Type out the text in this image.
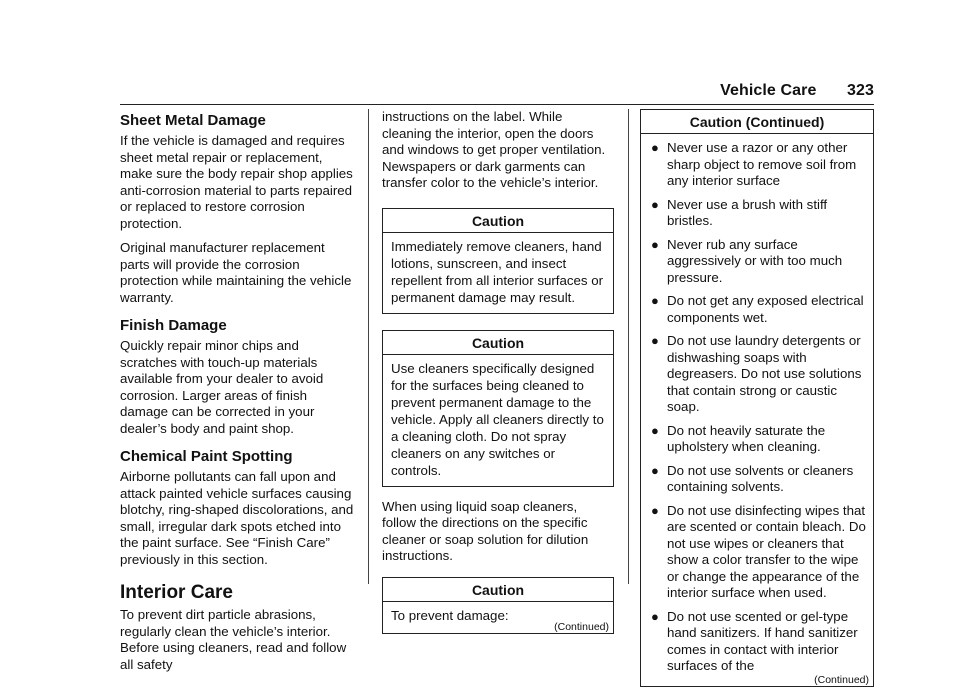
Vehicle Care 323
Sheet Metal Damage

If the vehicle is damaged and requires sheet metal repair or replacement, make sure the body repair shop applies anti-corrosion material to parts repaired or replaced to restore corrosion protection.

Original manufacturer replacement parts will provide the corrosion protection while maintaining the vehicle warranty.

Finish Damage

Quickly repair minor chips and scratches with touch-up materials available from your dealer to avoid corrosion. Larger areas of finish damage can be corrected in your dealer’s body and paint shop.

Chemical Paint Spotting

Airborne pollutants can fall upon and attack painted vehicle surfaces causing blotchy, ring-shaped discolorations, and small, irregular dark spots etched into the paint surface. See “Finish Care” previously in this section.

Interior Care

To prevent dirt particle abrasions, regularly clean the vehicle’s interior. Before using cleaners, read and follow all safety

instructions on the label. While cleaning the interior, open the doors and windows to get proper ventilation. Newspapers or dark garments can transfer color to the vehicle’s interior.

Caution
Immediately remove cleaners, hand lotions, sunscreen, and insect repellent from all interior surfaces or permanent damage may result.
Caution
Use cleaners specifically designed for the surfaces being cleaned to prevent permanent damage to the vehicle. Apply all cleaners directly to a cleaning cloth. Do not spray cleaners on any switches or controls.

When using liquid soap cleaners, follow the directions on the specific cleaner or soap solution for dilution instructions.

Caution
To prevent damage:
(Continued)
Caution (Continued)
● Never use a razor or any other sharp object to remove soil from any interior surface
● Never use a brush with stiff bristles.
● Never rub any surface aggressively or with too much pressure.
● Do not get any exposed electrical components wet.
● Do not use laundry detergents or dishwashing soaps with degreasers. Do not use solutions that contain strong or caustic soap.
● Do not heavily saturate the upholstery when cleaning.
● Do not use solvents or cleaners containing solvents.
● Do not use disinfecting wipes that are scented or contain bleach. Do not use wipes or cleaners that show a color transfer to the wipe or change the appearance of the interior surface when used.
● Do not use scented or gel-type hand sanitizers. If hand sanitizer comes in contact with interior surfaces of the
(Continued)
